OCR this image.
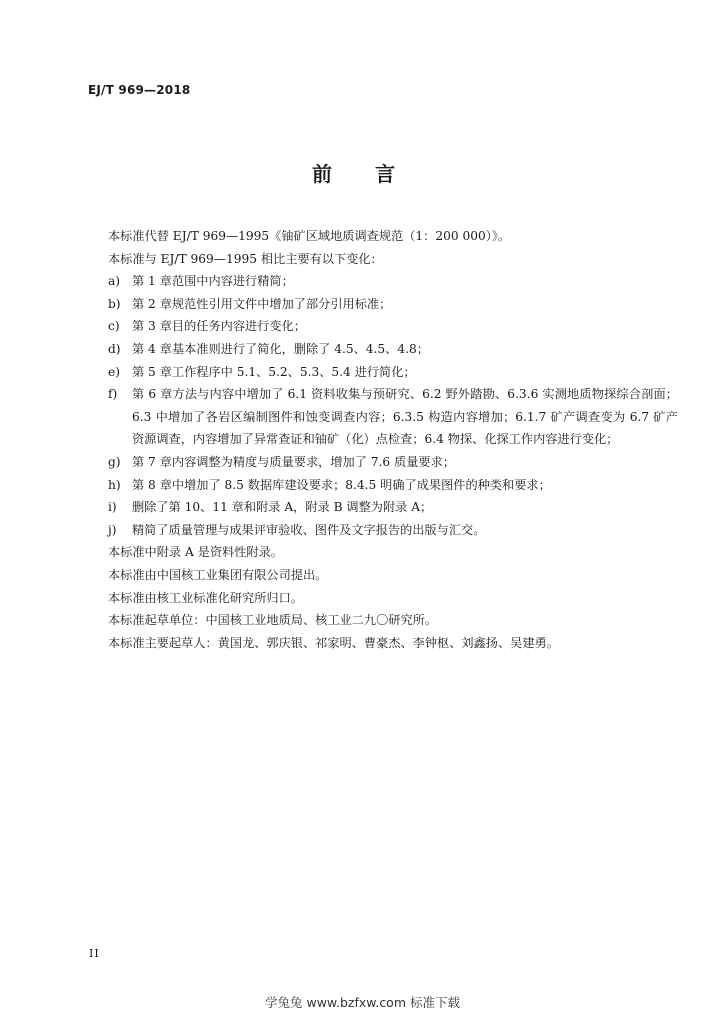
EJ/T 969—2018
前 言

本标准代替 EJ/T 969—1995《铀矿区域地质调查规范（1：200 000）》。

本标准与 EJ/T 969—1995 相比主要有以下变化：

a) 第 1 章范围中内容进行精简；
b) 第 2 章规范性引用文件中增加了部分引用标准；
c)	第 3 章目的任务内容进行变化；
d) 第 4 章基本准则进行了简化，删除了 4.5、4.5、4.8；
e) 第 5 章工作程序中 5.1、5.2、5.3、5.4 进行简化；
f)	第 6 章方法与内容中增加了 6.1 资料收集与预研究、6.2 野外踏勘、6.3.6 实测地质物探综合剖面；6.3 中增加了各岩区编制图件和蚀变调查内容；6.3.5 构造内容增加；6.1.7 矿产调查变为 6.7 矿产资源调查，内容增加了异常查证和铀矿（化）点检查；6.4 物探、化探工作内容进行变化；
g) 第 7 章内容调整为精度与质量要求，增加了 7.6 质量要求；
h) 第 8 章中增加了 8.5 数据库建设要求；8.4.5 明确了成果图件的种类和要求；
i)	删除了第 10、11 章和附录 A，附录 B 调整为附录 A；
j)	精简了质量管理与成果评审验收、图件及文字报告的出版与汇交。

本标准中附录 A 是资料性附录。

本标准由中国核工业集团有限公司提出。

本标准由核工业标准化研究所归口。

本标准起草单位：中国核工业地质局、核工业二九〇研究所。

本标准主要起草人：黄国龙、郭庆银、祁家明、曹豪杰、李钟枢、刘鑫扬、吴建勇。

II
学兔兔 www.bzfxw.com 标准下载
